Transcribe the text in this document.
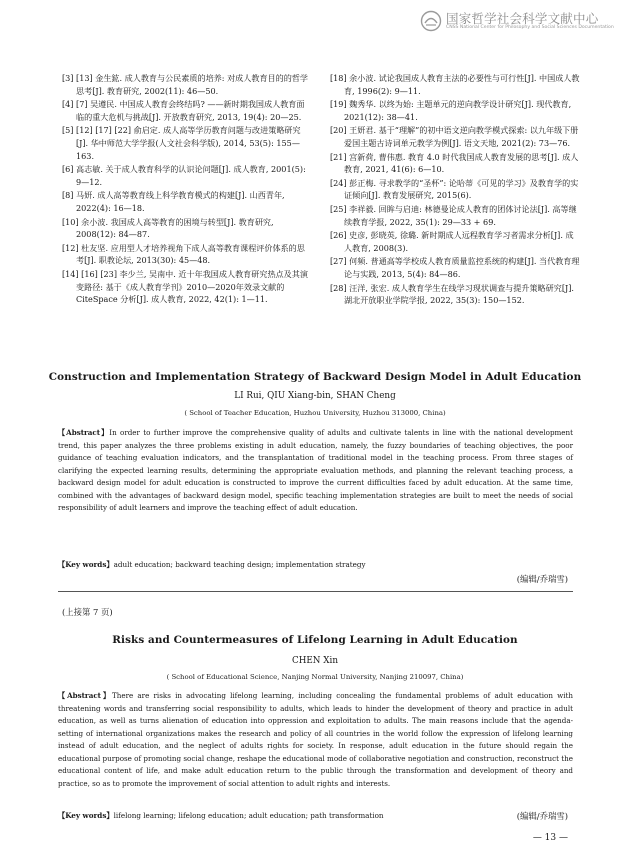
国家哲学社会科学文献中心
CNSS National Center for Philosophy and Social Sciences Documentation

[3] [13] 金生鈜. 成人教育与公民素质的培养: 对成人教育目的的哲学思考[J]. 教育研究, 2002(11): 46—50.

[4] [7] 吴遵民. 中国成人教育会终结吗? ——新时期我国成人教育面临的重大危机与挑战[J]. 开放教育研究, 2013, 19(4): 20—25.

[5] [12] [17] [22] 俞启定. 成人高等学历教育问题与改进策略研究[J]. 华中师范大学学报(人文社会科学版), 2014, 53(5): 155—163.

[6] 高志敏. 关于成人教育科学的认识论问题[J]. 成人教育, 2001(5): 9—12.

[8] 马妍. 成人高等教育线上科学教育模式的构建[J]. 山西青年, 2022(4): 16—18.

[10] 余小波. 我国成人高等教育的困境与转型[J]. 教育研究, 2008(12): 84—87.

[12] 杜友坚. 应用型人才培养视角下成人高等教育课程评价体系的思考[J]. 职教论坛, 2013(30): 45—48.

[14] [16] [23] 李少兰, 吴南中. 近十年我国成人教育研究热点及其演变路径: 基于《成人教育学刊》2010—2020年效录文献的 CiteSpace 分析[J]. 成人教育, 2022, 42(1): 1—11.

[18] 余小波. 试论我国成人教育主法的必要性与可行性[J]. 中国成人教育, 1996(2): 9—11.

[19] 魏秀华. 以终为始: 主题单元的逆向教学设计研究[J]. 现代教育, 2021(12): 38—41.

[20] 王妍君. 基于“理解”的初中语文逆向教学模式探索: 以九年级下册爱国主题古诗词单元教学为例[J]. 语文天地, 2021(2): 73—76.

[21] 宫新荷, 曹伟惠. 教育 4.0 时代我国成人教育发展的思考[J]. 成人教育, 2021, 41(6): 6—10.

[24] 彭正梅. 寻求教学的“圣杯”: 论哈蒂《可见的学习》及教育学的实证倾向[J]. 教育发展研究, 2015(6).

[25] 李祥毅. 回眸与启迪: 林德曼论成人教育的团体讨论法[J]. 高等继续教育学报, 2022, 35(1): 29—33 + 69.

[26] 史彦, 彭晓英, 徐璐. 新时期成人远程教育学习者需求分析[J]. 成人教育, 2008(3).

[27] 何频. 普通高等学校成人教育质量监控系统的构建[J]. 当代教育理论与实践, 2013, 5(4): 84—86.

[28] 汪洋, 张宏. 成人教育学生在线学习现状调查与提升策略研究[J]. 湖北开放职业学院学报, 2022, 35(3): 150—152.

Construction and Implementation Strategy of Backward Design Model in Adult Education
LI Rui, QIU Xiang-bin, SHAN Cheng
( School of Teacher Education, Huzhou University, Huzhou 313000, China)
【Abstract】In order to further improve the comprehensive quality of adults and cultivate talents in line with the national development trend, this paper analyzes the three problems existing in adult education, namely, the fuzzy boundaries of teaching objectives, the poor guidance of teaching evaluation indicators, and the transplantation of traditional model in the teaching process. From three stages of clarifying the expected learning results, determining the appropriate evaluation methods, and planning the relevant teaching process, a backward design model for adult education is constructed to improve the current difficulties faced by adult education. At the same time, combined with the advantages of backward design model, specific teaching implementation strategies are built to meet the needs of social responsibility of adult learners and improve the teaching effect of adult education.
【Key words】adult education; backward teaching design; implementation strategy
(编辑/乔瑞雪)
(上接第 7 页)
Risks and Countermeasures of Lifelong Learning in Adult Education
CHEN Xin
( School of Educational Science, Nanjing Normal University, Nanjing 210097, China)
【Abstract】There are risks in advocating lifelong learning, including concealing the fundamental problems of adult education with threatening words and transferring social responsibility to adults, which leads to hinder the development of theory and practice in adult education, as well as turns alienation of education into oppression and exploitation to adults. The main reasons include that the agenda-setting of international organizations makes the research and policy of all countries in the world follow the expression of lifelong learning instead of adult education, and the neglect of adults rights for society. In response, adult education in the future should regain the educational purpose of promoting social change, reshape the educational mode of collaborative negotiation and construction, reconstruct the educational content of life, and make adult education return to the public through the transformation and development of theory and practice, so as to promote the improvement of social attention to adult rights and interests.
【Key words】lifelong learning; lifelong education; adult education; path transformation	(编辑/乔瑞雪)
— 13 —
